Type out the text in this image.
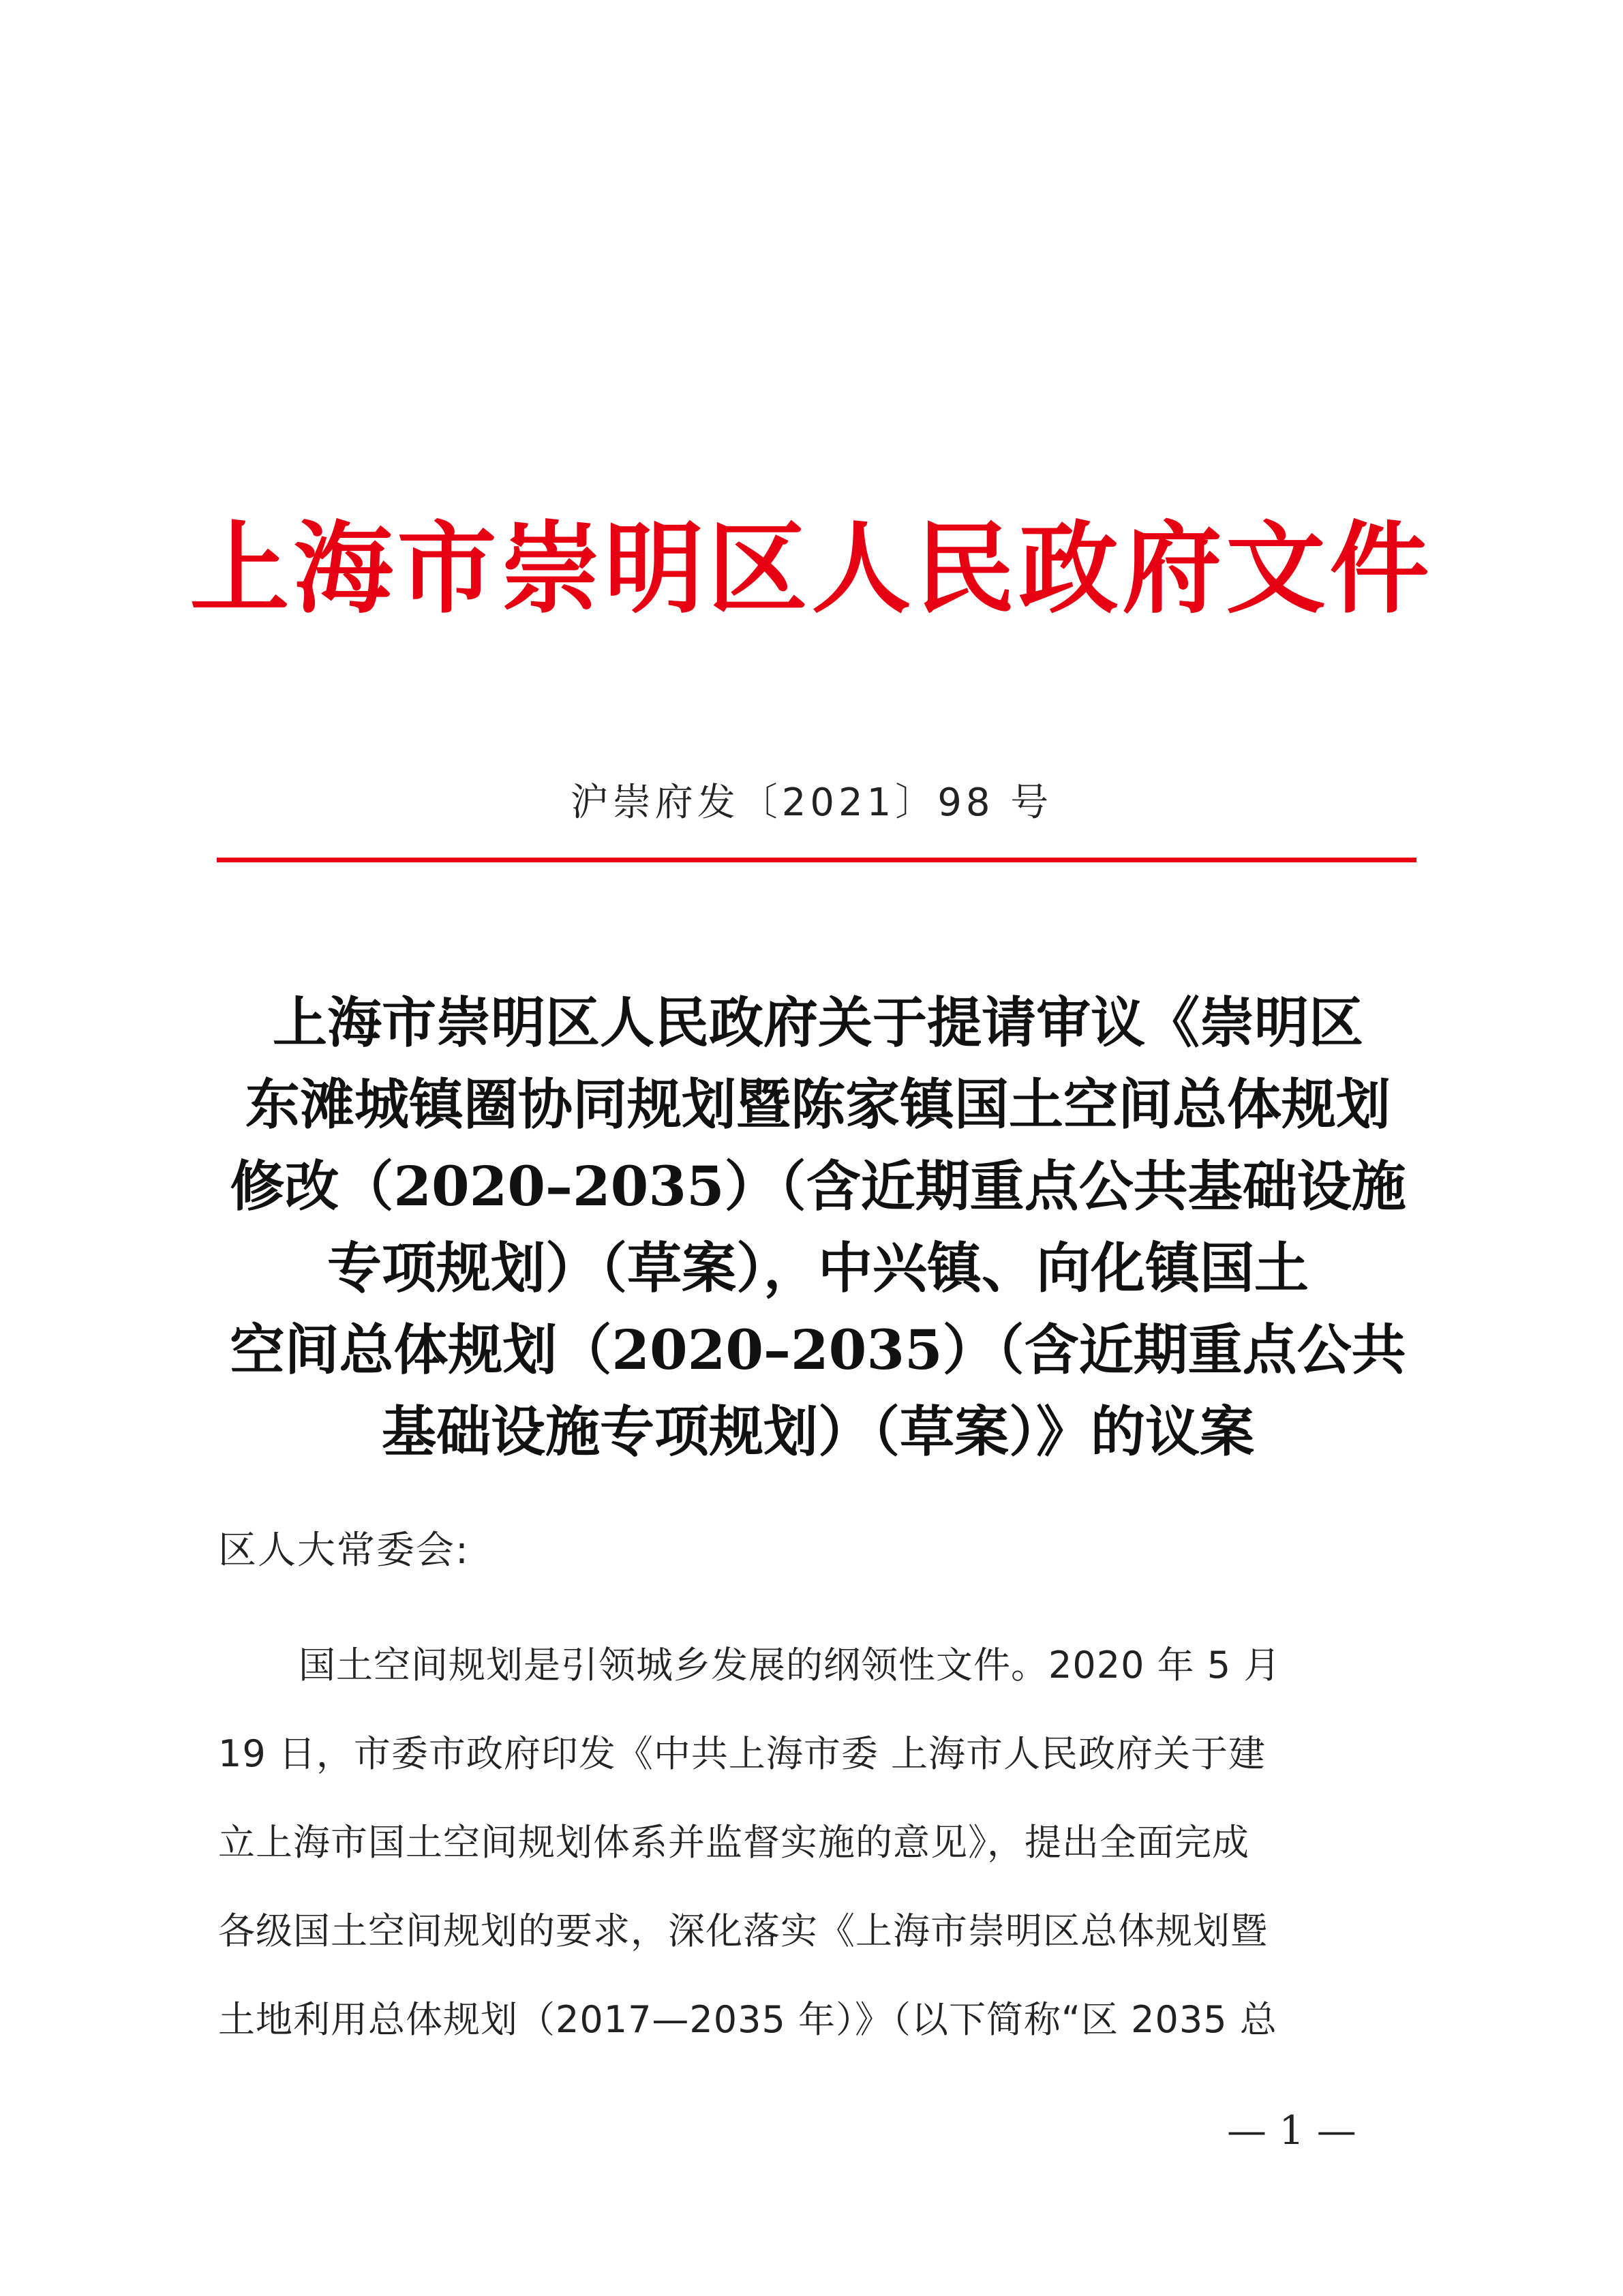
上海市崇明区人民政府文件
沪崇府发〔2021〕98 号
上海市崇明区人民政府关于提请审议《崇明区
东滩城镇圈协同规划暨陈家镇国土空间总体规划
修改（2020–2035）（含近期重点公共基础设施
专项规划）（草案），中兴镇、向化镇国土
空间总体规划（2020–2035）（含近期重点公共
基础设施专项规划）（草案）》的议案
区人大常委会:
国土空间规划是引领城乡发展的纲领性文件。2020 年 5 月
19 日，市委市政府印发《中共上海市委 上海市人民政府关于建
立上海市国土空间规划体系并监督实施的意见》，提出全面完成
各级国土空间规划的要求，深化落实《上海市崇明区总体规划暨
土地利用总体规划（2017—2035 年）》（以下简称“区 2035 总
— 1 —
